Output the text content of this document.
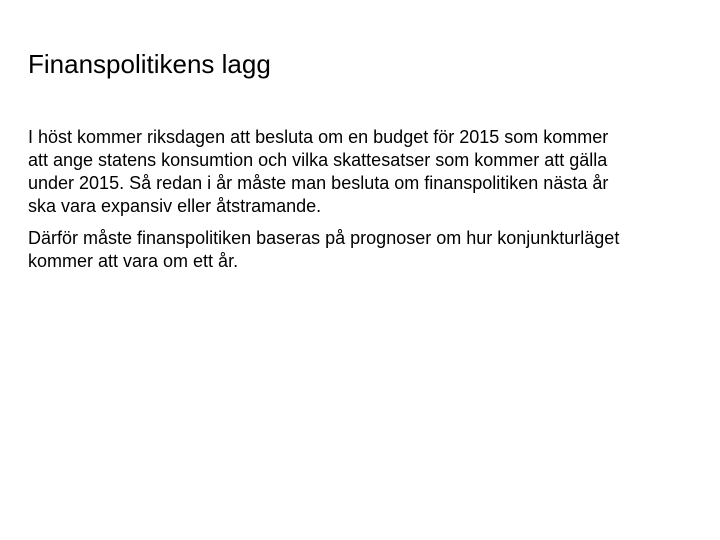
Finanspolitikens lagg

I höst kommer riksdagen att besluta om en budget för 2015 som kommer
att ange statens konsumtion och vilka skattesatser som kommer att gälla
under 2015. Så redan i år måste man besluta om finanspolitiken nästa år
ska vara expansiv eller åtstramande.

Därför måste finanspolitiken baseras på prognoser om hur konjunkturläget
kommer att vara om ett år.
